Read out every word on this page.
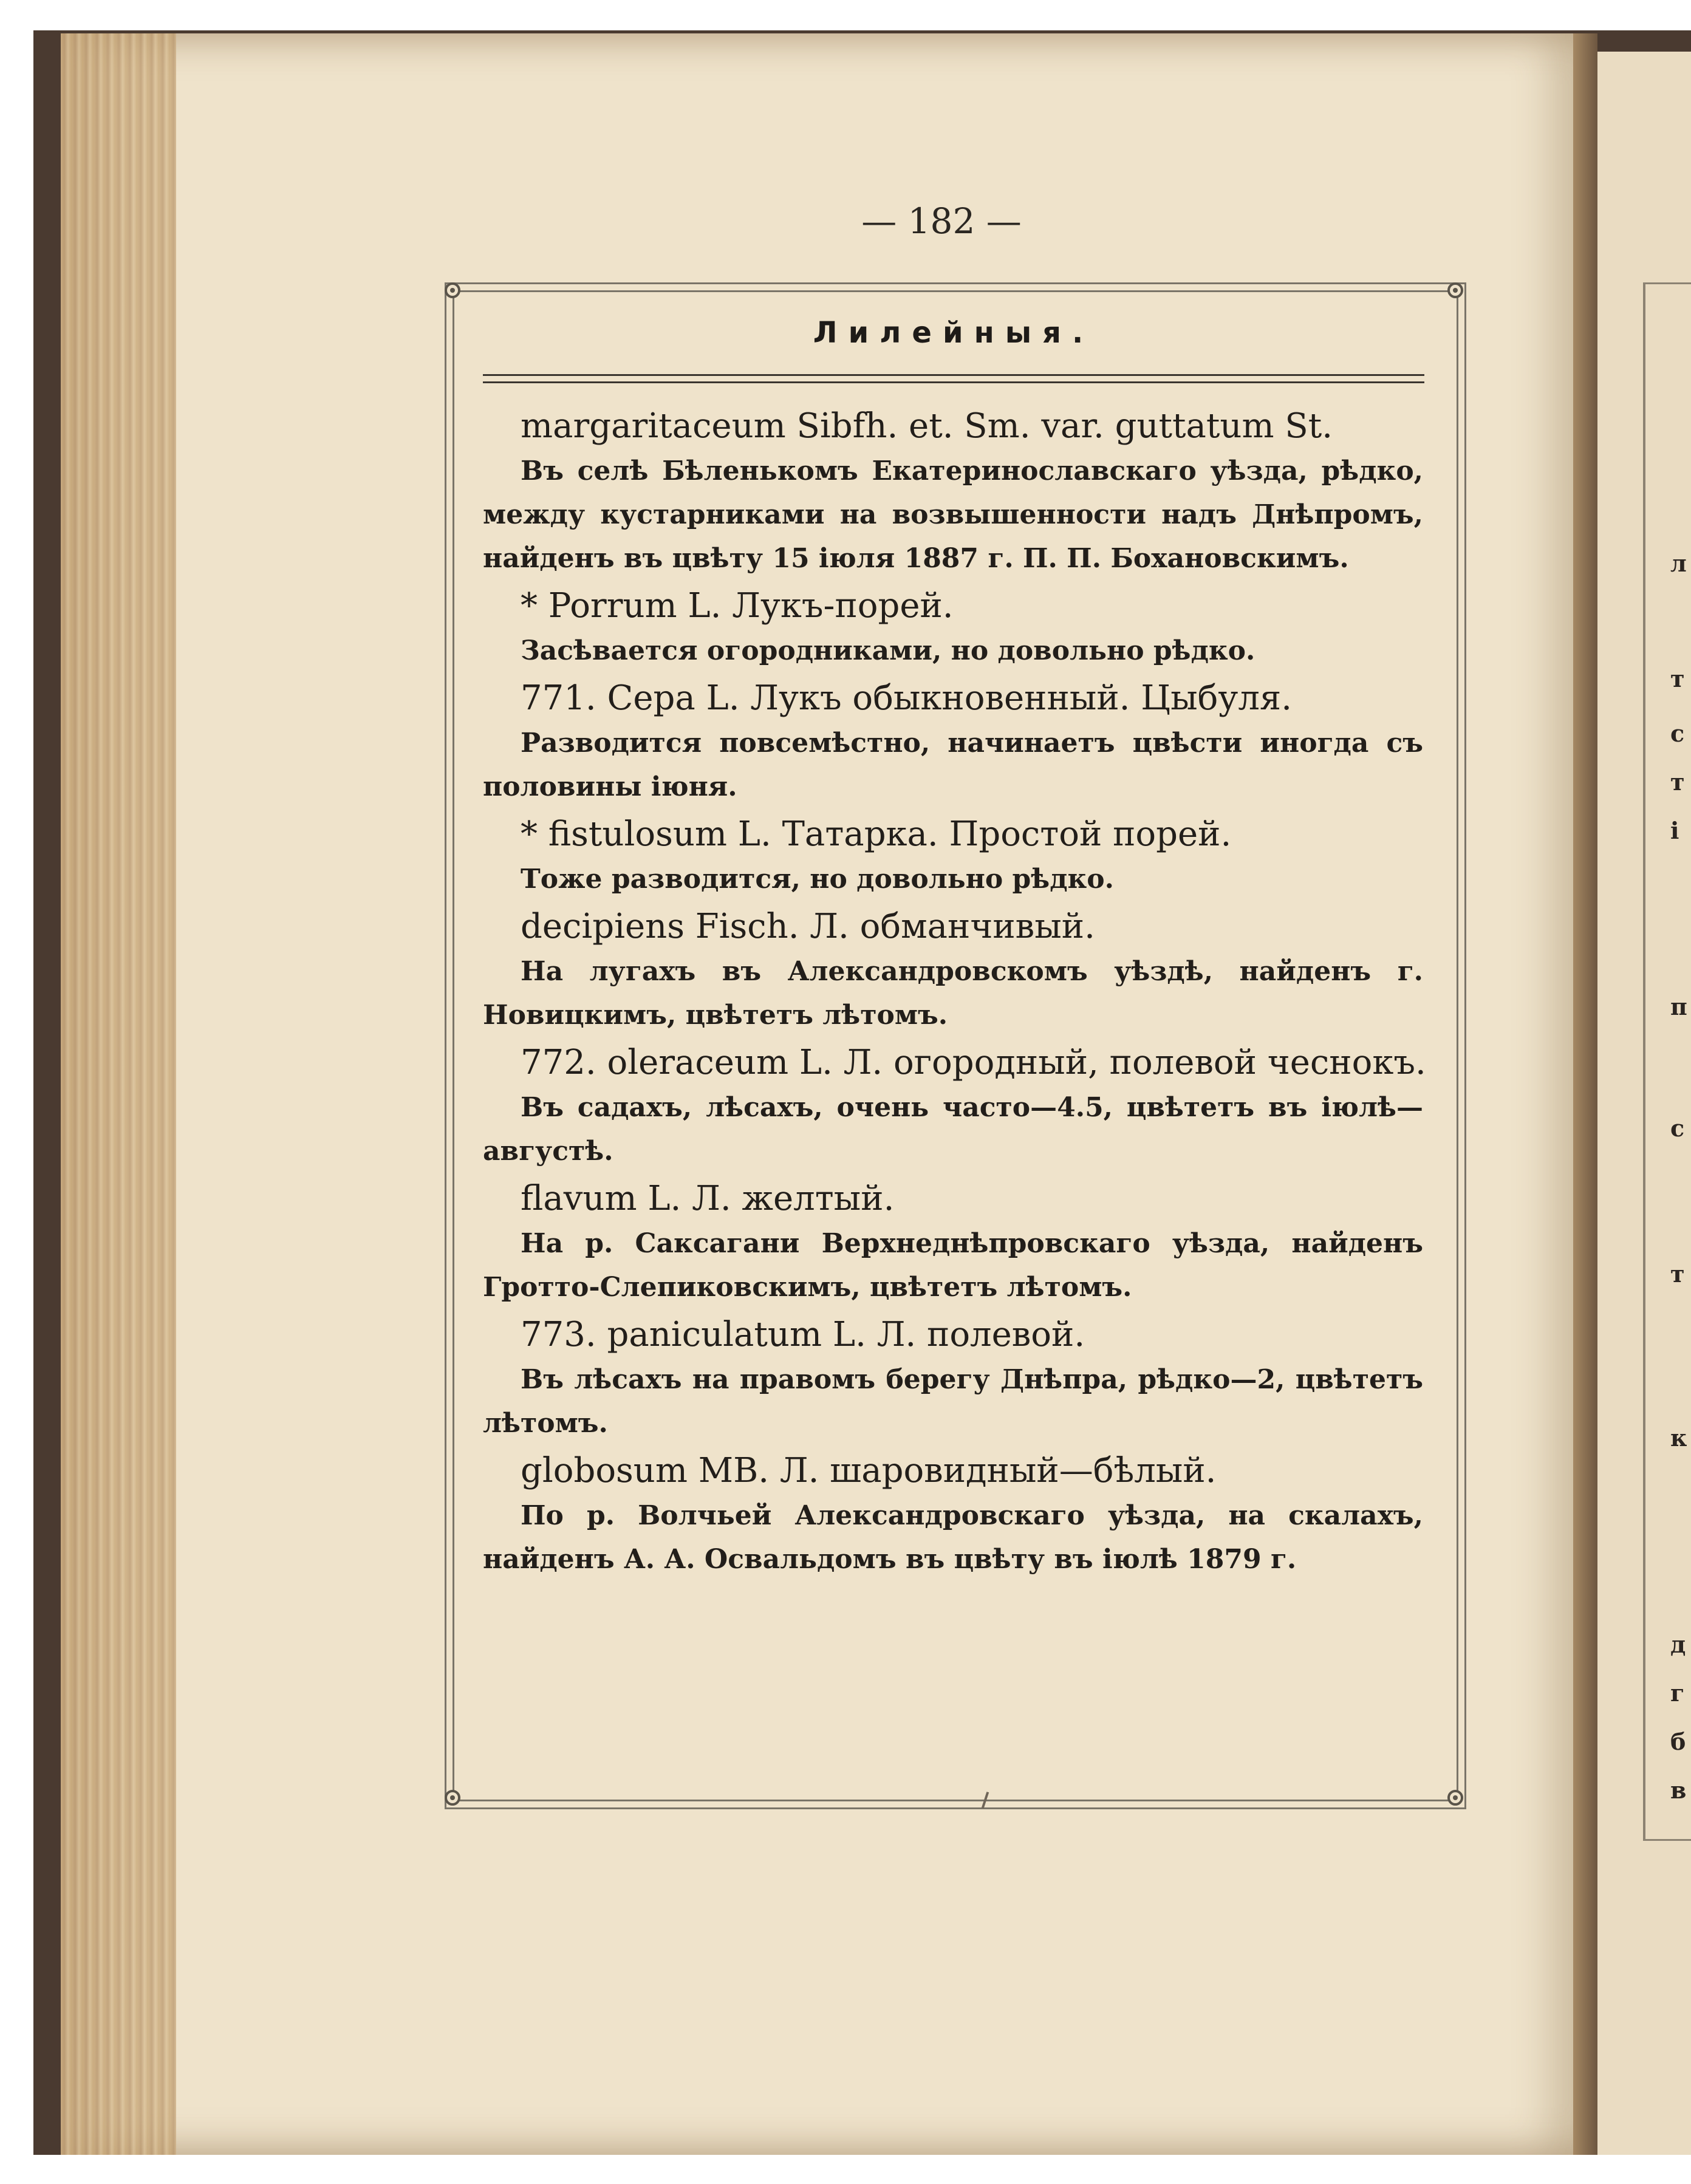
л
т
с
т
і
п
с
т
к
д
г
б
в
— 182 —
Лилейныя.

margaritaceum Sibfh. et. Sm. var. guttatum St.
Въ селѣ Бѣленькомъ Екатеринославскаго уѣзда, рѣдко, между кустарниками на возвышенности надъ Днѣпромъ, найденъ въ цвѣту 15 іюля 1887 г. П. П. Бохановскимъ.
* Porrum L. Лукъ-порей.
Засѣвается огородниками, но довольно рѣдко.
771. Cepa L. Лукъ обыкновенный. Цыбуля.
Разводится повсемѣстно, начинаетъ цвѣсти иногда съ половины іюня.
* fistulosum L. Татарка. Простой порей.
Тоже разводится, но довольно рѣдко.
decipiens Fisch. Л. обманчивый.
На лугахъ въ Александровскомъ уѣздѣ, найденъ г. Новицкимъ, цвѣтетъ лѣтомъ.
772. oleraceum L. Л. огородный, полевой чеснокъ.
Въ садахъ, лѣсахъ, очень часто—4.5, цвѣтетъ въ іюлѣ—августѣ.
flavum L. Л. желтый.
На р. Саксагани Верхнеднѣпровскаго уѣзда, найденъ Гротто-Слепиковскимъ, цвѣтетъ лѣтомъ.
773. paniculatum L. Л. полевой.
Въ лѣсахъ на правомъ берегу Днѣпра, рѣдко—2, цвѣтетъ лѣтомъ.
globosum MB. Л. шаровидный—бѣлый.
По р. Волчьей Александровскаго уѣзда, на скалахъ, найденъ А. А. Освальдомъ въ цвѣту въ іюлѣ 1879 г.
